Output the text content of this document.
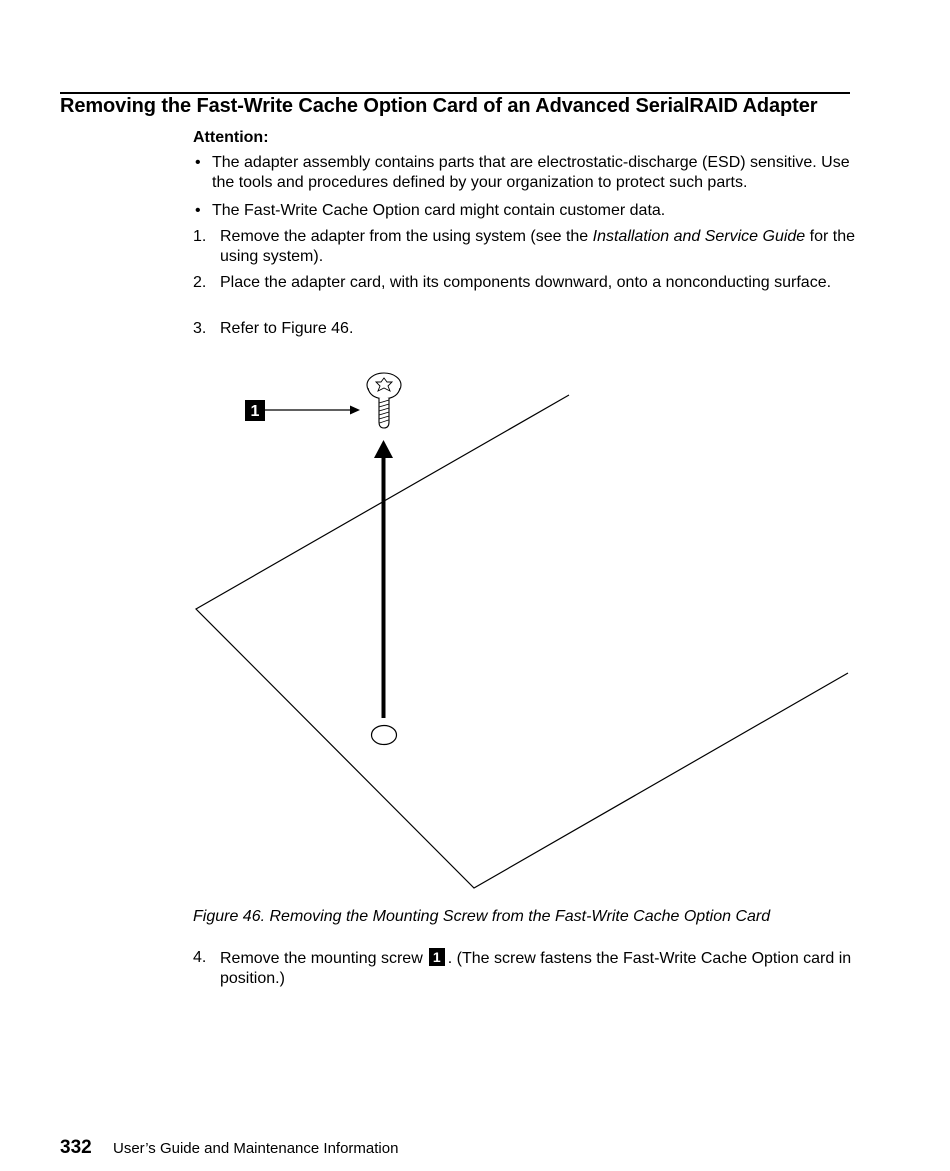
Removing the Fast-Write Cache Option Card of an Advanced SerialRAID Adapter
Attention:
• The adapter assembly contains parts that are electrostatic-discharge (ESD) sensitive. Use the tools and procedures defined by your organization to protect such parts.
• The Fast-Write Cache Option card might contain customer data.
1. Remove the adapter from the using system (see the Installation and Service Guide for the using system).
2. Place the adapter card, with its components downward, onto a nonconducting surface.
3. Refer to Figure 46.
1
Figure 46. Removing the Mounting Screw from the Fast-Write Cache Option Card
4. Remove the mounting screw 1 . (The screw fastens the Fast-Write Cache Option card in position.)
332 User’s Guide and Maintenance Information
